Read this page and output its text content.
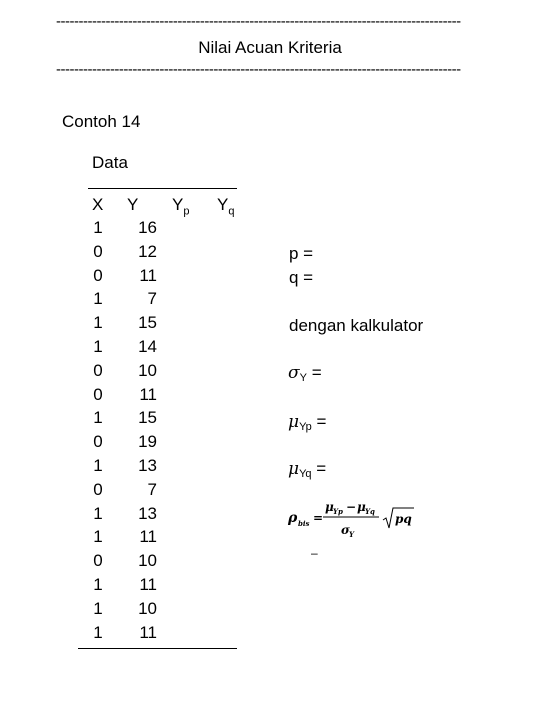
------------------------------------------------------------------------------------------
Nilai Acuan Kriteria
------------------------------------------------------------------------------------------
Contoh 14
Data
X Y $Y_p$ $Y_q$
1	16
0	12
0	11
1	7
1	15
1	14
0	10
0	11
1	15
0	19
1	13
0	7
1	13
1	11
0	10
1	11
1	10
1	11
p =
q =
dengan kalkulator
σY =
μYp =
μYq =
ρ bis =
μ Yp − μ Yq
σ Y
pq
–
